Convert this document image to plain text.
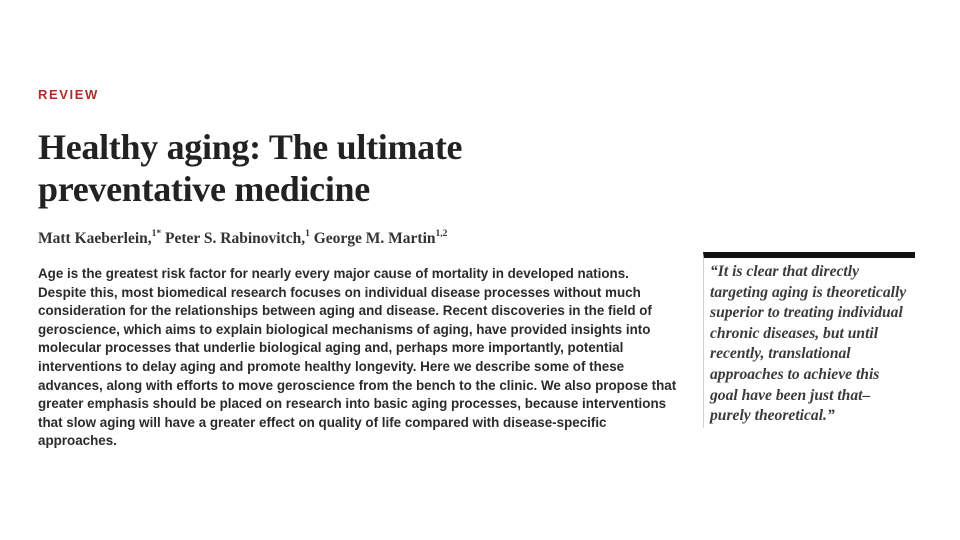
REVIEW
Healthy aging: The ultimate preventative medicine
Matt Kaeberlein,$^{1*}$ Peter S. Rabinovitch,$^1$ George M. Martin$^{1,2}$

Age is the greatest risk factor for nearly every major cause of mortality in developed nations. Despite this, most biomedical research focuses on individual disease processes without much consideration for the relationships between aging and disease. Recent discoveries in the field of geroscience, which aims to explain biological mechanisms of aging, have provided insights into molecular processes that underlie biological aging and, perhaps more importantly, potential interventions to delay aging and promote healthy longevity. Here we describe some of these advances, along with efforts to move geroscience from the bench to the clinic. We also propose that greater emphasis should be placed on research into basic aging processes, because interventions that slow aging will have a greater effect on quality of life compared with disease-specific approaches.

“It is clear that directly targeting aging is theoretically superior to treating individual chronic diseases, but until recently, translational approaches to achieve this goal have been just that–purely theoretical.”
